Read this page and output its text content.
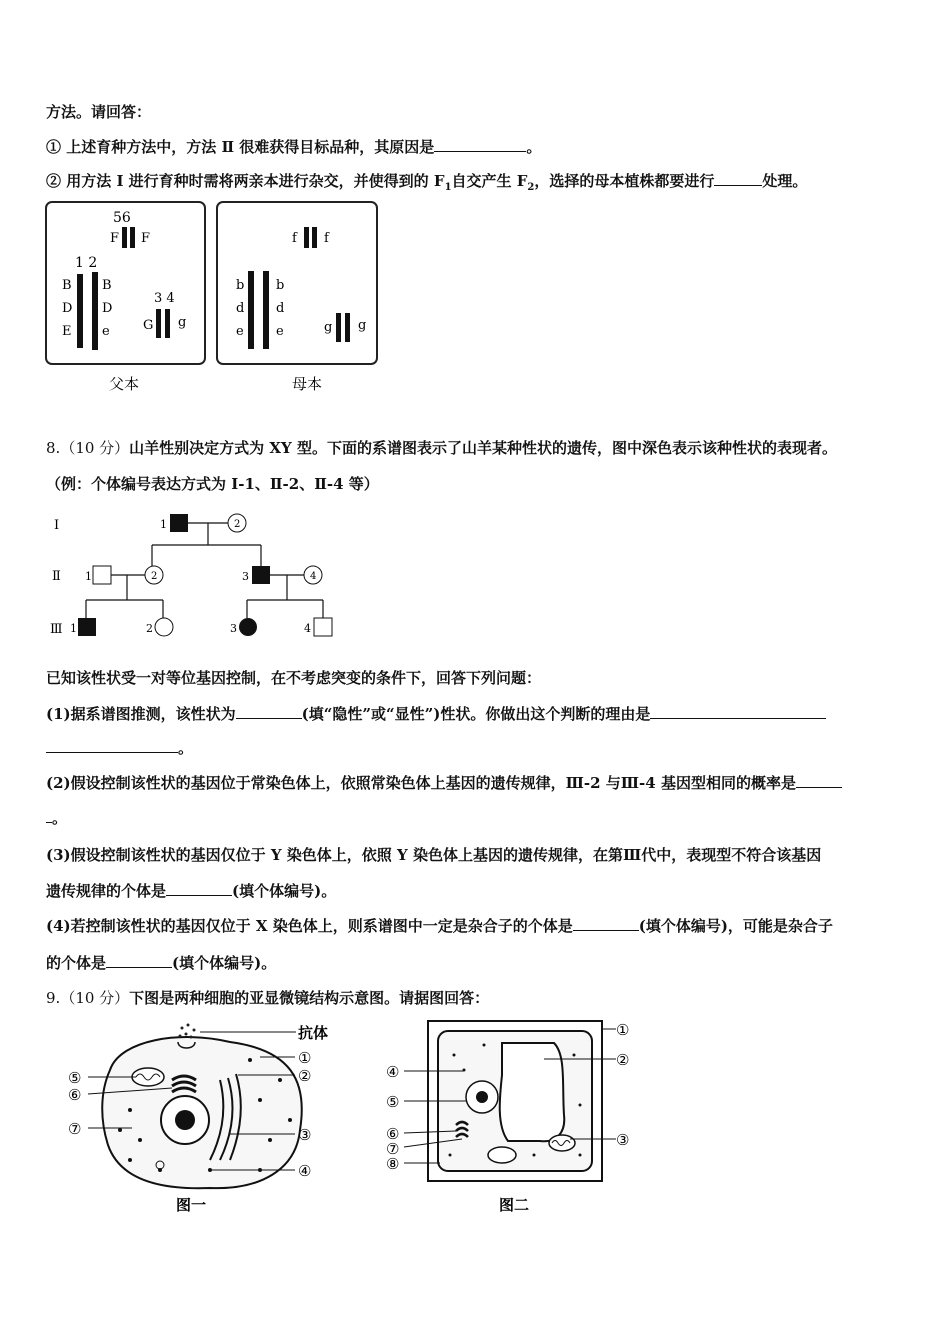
方法。请回答：
① 上述育种方法中，方法 Ⅱ 很难获得目标品种，其原因是	。
② 用方法 I 进行育种时需将两亲本进行杂交，并使得到的 $F_1$自交产生 $F_2$，选择的母本植株都要进行	处理。
56
F F
1 2
B
D
E
B
D
e
3 4
G g
f f
b
d
e
b
d
e	g g
父本	母本
8.（10 分）山羊性别决定方式为 XY 型。下面的系谱图表示了山羊某种性状的遗传，图中深色表示该种性状的表现者。
（例：个体编号表达方式为 Ⅰ-1、Ⅱ-2、Ⅱ-4 等）
Ⅰ
Ⅱ
Ⅲ
1	2
1	2	3	4
1	2	3	4
已知该性状受一对等位基因控制，在不考虑突变的条件下，回答下列问题：
(1)据系谱图推测，该性状为	(填“隐性”或“显性”)性状。你做出这个判断的理由是
。
(2)假设控制该性状的基因位于常染色体上，依照常染色体上基因的遗传规律，Ⅲ-2 与Ⅲ-4 基因型相同的概率是
。
(3)假设控制该性状的基因仅位于 Y 染色体上，依照 Y 染色体上基因的遗传规律，在第Ⅲ代中，表现型不符合该基因
遗传规律的个体是	(填个体编号)。
(4)若控制该性状的基因仅位于 X 染色体上，则系谱图中一定是杂合子的个体是	(填个体编号)，可能是杂合子
的个体是	(填个体编号)。
9.（10 分）下图是两种细胞的亚显微镜结构示意图。请据图回答：
抗体
①
②
③
④
⑤
⑥
⑦
图一
①
②
③
④
⑤
⑥
⑦
⑧
图二
